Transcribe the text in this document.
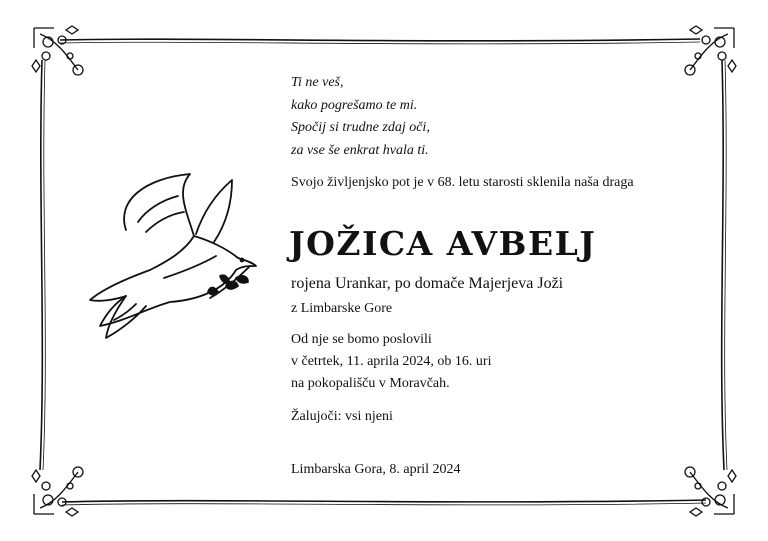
Ti ne veš,
kako pogrešamo te mi.
Spočij si trudne zdaj oči,
za vse še enkrat hvala ti.
Svojo življenjsko pot je v 68. letu starosti sklenila naša draga
JOŽICA AVBELJ
rojena Urankar, po domače Majerjeva Joži
z Limbarske Gore
Od nje se bomo poslovili
v četrtek, 11. aprila 2024, ob 16. uri
na pokopališču v Moravčah.
Žalujoči: vsi njeni
Limbarska Gora, 8. april 2024
